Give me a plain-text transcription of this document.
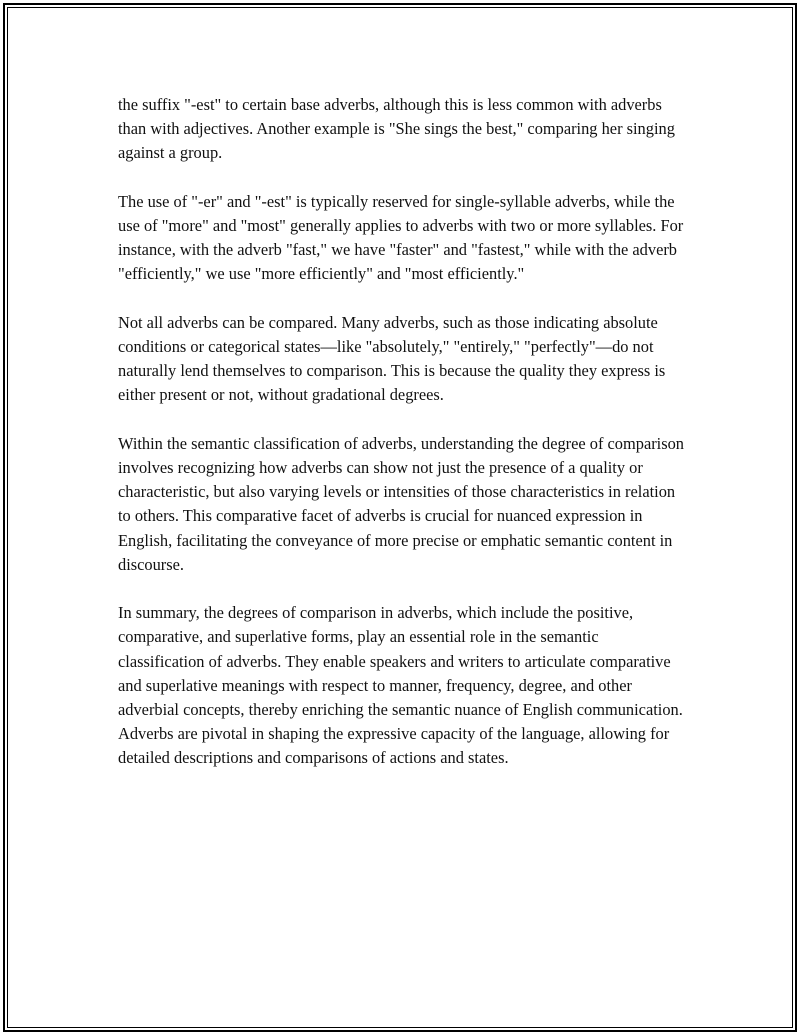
the suffix "-est" to certain base adverbs, although this is less common with adverbs than with adjectives. Another example is "She sings the best," comparing her singing against a group.

The use of "-er" and "-est" is typically reserved for single-syllable adverbs, while the use of "more" and "most" generally applies to adverbs with two or more syllables. For instance, with the adverb "fast," we have "faster" and "fastest," while with the adverb "efficiently," we use "more efficiently" and "most efficiently."

Not all adverbs can be compared. Many adverbs, such as those indicating absolute conditions or categorical states—like "absolutely," "entirely," "perfectly"—do not naturally lend themselves to comparison. This is because the quality they express is either present or not, without gradational degrees.

Within the semantic classification of adverbs, understanding the degree of comparison involves recognizing how adverbs can show not just the presence of a quality or characteristic, but also varying levels or intensities of those characteristics in relation to others. This comparative facet of adverbs is crucial for nuanced expression in English, facilitating the conveyance of more precise or emphatic semantic content in discourse.

In summary, the degrees of comparison in adverbs, which include the positive, comparative, and superlative forms, play an essential role in the semantic classification of adverbs. They enable speakers and writers to articulate comparative and superlative meanings with respect to manner, frequency, degree, and other adverbial concepts, thereby enriching the semantic nuance of English communication. Adverbs are pivotal in shaping the expressive capacity of the language, allowing for detailed descriptions and comparisons of actions and states.
